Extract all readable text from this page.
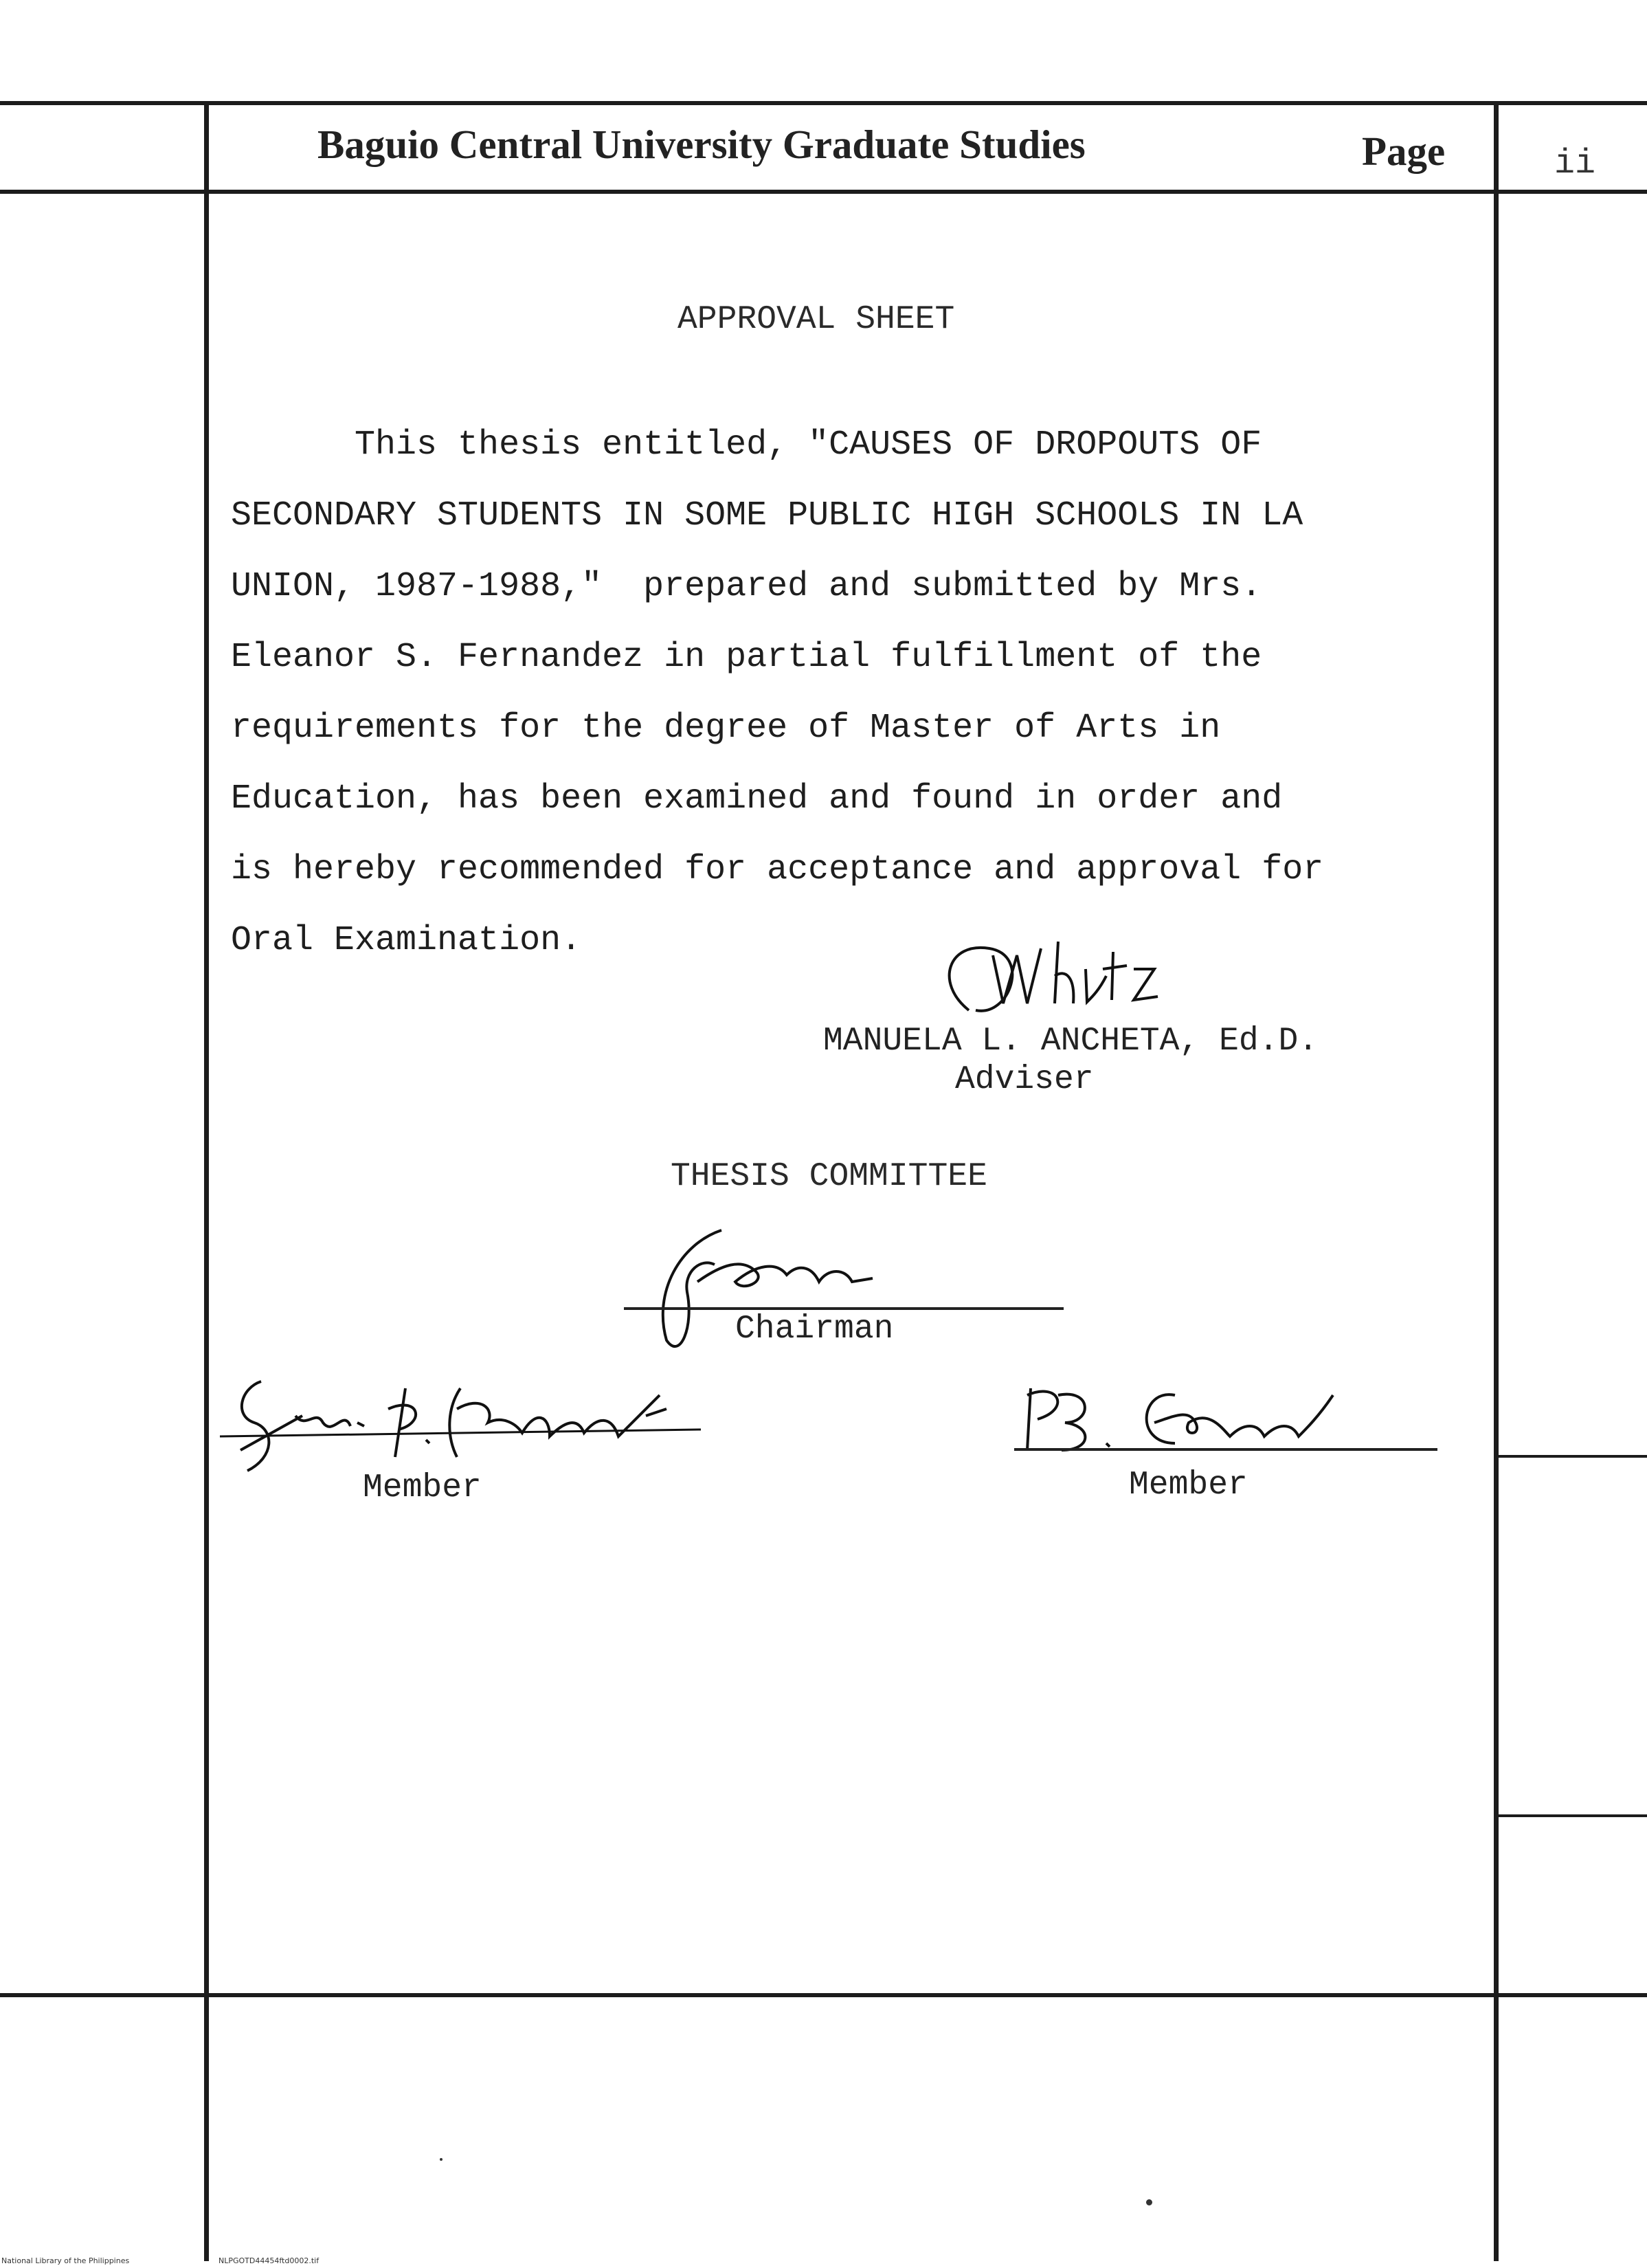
Baguio Central University Graduate Studies	Page	ii
APPROVAL SHEET
This thesis entitled, "CAUSES OF DROPOUTS OF
SECONDARY STUDENTS IN SOME PUBLIC HIGH SCHOOLS IN LA
UNION, 1987-1988,"  prepared and submitted by Mrs.
Eleanor S. Fernandez in partial fulfillment of the
requirements for the degree of Master of Arts in
Education, has been examined and found in order and
is hereby recommended for acceptance and approval for
Oral Examination.
MANUELA L. ANCHETA, Ed.D.
Adviser
THESIS COMMITTEE
Chairman
Member	Member
National Library of the Philippines	NLPGOTD44454ftd0002.tif
